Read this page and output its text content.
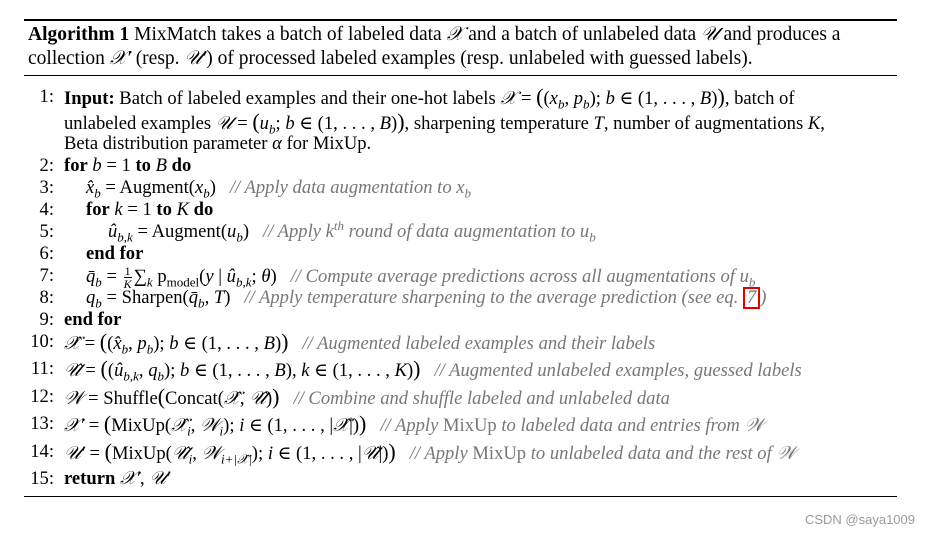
Algorithm 1 MixMatch takes a batch of labeled data 𝒳 and a batch of unlabeled data 𝒰 and produces a collection 𝒳′ (resp. 𝒰′) of processed labeled examples (resp. unlabeled with guessed labels).
1: Input: Batch of labeled examples and their one-hot labels 𝒳 = (($x_b$, $p_b$); b ∈ (1, . . . , B)), batch of
unlabeled examples 𝒰 = ($u_b$; b ∈ (1, . . . , B)), sharpening temperature T, number of augmentations K,
Beta distribution parameter α for MixUp.
2: for b = 1 to B do
3: $x̂_b$ = $Augment(x_b)$   // Apply data augmentation to $x_b$
4: for k = 1 to K do
5:	$û_{b,k}$ = $Augment(u_b)$   // Apply $k^{th}$ round of data augmentation to $u_b$
6: end for
7: $q̄_b = \frac{1}{K} \sum_k$ $p_{model}(y$ | $û_{b,k}$; θ)   // Compute average predictions across all augmentations of $u_b$
8: $q_b$ = $Sharpen(q̄_b$, T)   // Apply temperature sharpening to the average prediction (see eq. 7 )
9: end for
10: 𝒳̂ = (($x̂_b$, $p_b$); b ∈ (1, . . . , B)) // Augmented labeled examples and their labels
11: 𝒰̂ = (($û_{b,k}$, $q_b$); b ∈ (1, . . . , B), k ∈ (1, . . . , K)) // Augmented unlabeled examples, guessed labels
12: 𝒲 = Shuffle(Concat(𝒳̂, 𝒰̂)) // Combine and shuffle labeled and unlabeled data
13: 𝒳′ = ($MixUp(𝒳̂_i$, 𝒲$_i$); i ∈ (1, . . . , |𝒳̂|)) // Apply MixUp to labeled data and entries from 𝒲
14: 𝒰′ = ($MixUp(𝒰̂_i$, 𝒲$_{i+|𝒳̂|}$); i ∈ (1, . . . , |𝒰̂|)) // Apply MixUp to unlabeled data and the rest of 𝒲
15: return 𝒳′, 𝒰′
CSDN @saya1009
